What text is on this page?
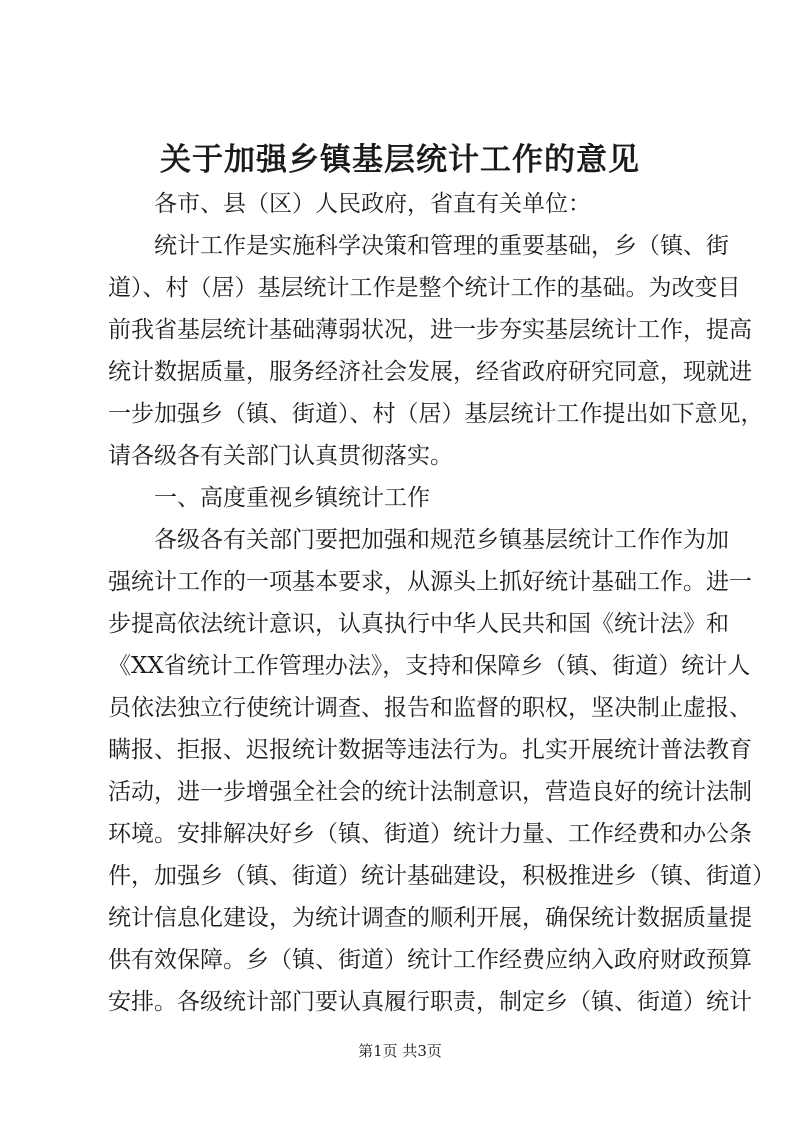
关于加强乡镇基层统计工作的意见
各市、县（区）人民政府，省直有关单位：
统计工作是实施科学决策和管理的重要基础，乡（镇、街
道）、村（居）基层统计工作是整个统计工作的基础。为改变目
前我省基层统计基础薄弱状况，进一步夯实基层统计工作，提高
统计数据质量，服务经济社会发展，经省政府研究同意，现就进
一步加强乡（镇、街道）、村（居）基层统计工作提出如下意见，
请各级各有关部门认真贯彻落实。
一、高度重视乡镇统计工作
各级各有关部门要把加强和规范乡镇基层统计工作作为加
强统计工作的一项基本要求，从源头上抓好统计基础工作。进一
步提高依法统计意识，认真执行中华人民共和国《统计法》和
《XX省统计工作管理办法》，支持和保障乡（镇、街道）统计人
员依法独立行使统计调查、报告和监督的职权，坚决制止虚报、
瞒报、拒报、迟报统计数据等违法行为。扎实开展统计普法教育
活动，进一步增强全社会的统计法制意识，营造良好的统计法制
环境。安排解决好乡（镇、街道）统计力量、工作经费和办公条
件，加强乡（镇、街道）统计基础建设，积极推进乡（镇、街道）
统计信息化建设，为统计调查的顺利开展，确保统计数据质量提
供有效保障。乡（镇、街道）统计工作经费应纳入政府财政预算
安排。各级统计部门要认真履行职责，制定乡（镇、街道）统计
第1页 共3页
